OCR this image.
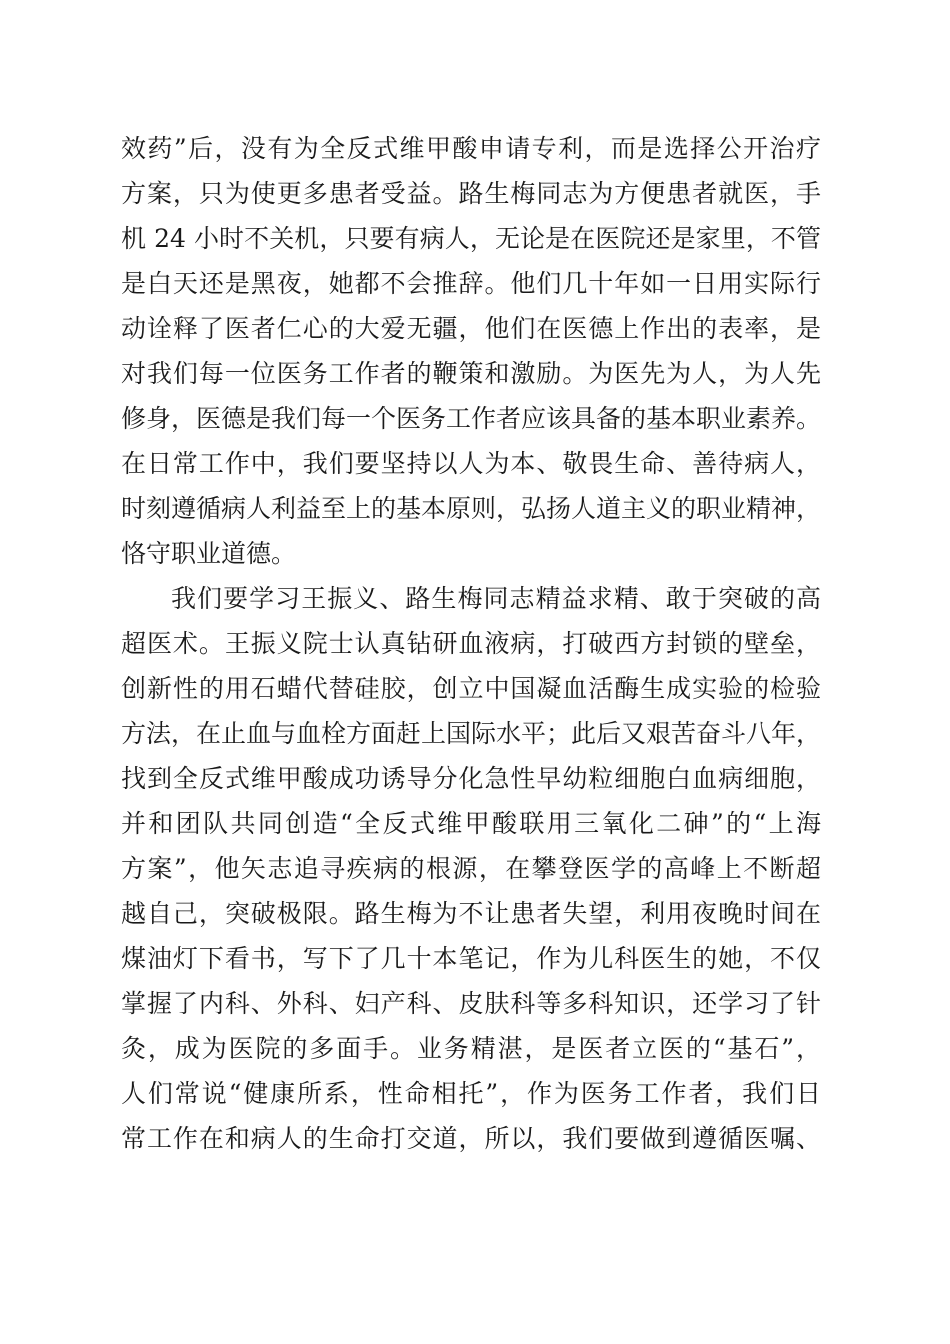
效药”后，没有为全反式维甲酸申请专利，而是选择公开治疗
方案，只为使更多患者受益。路生梅同志为方便患者就医，手
机 24 小时不关机，只要有病人，无论是在医院还是家里，不管
是白天还是黑夜，她都不会推辞。他们几十年如一日用实际行
动诠释了医者仁心的大爱无疆，他们在医德上作出的表率，是
对我们每一位医务工作者的鞭策和激励。为医先为人，为人先
修身，医德是我们每一个医务工作者应该具备的基本职业素养。
在日常工作中，我们要坚持以人为本、敬畏生命、善待病人，
时刻遵循病人利益至上的基本原则，弘扬人道主义的职业精神，
恪守职业道德。
我们要学习王振义、路生梅同志精益求精、敢于突破的高
超医术。王振义院士认真钻研血液病，打破西方封锁的壁垒，
创新性的用石蜡代替硅胶，创立中国凝血活酶生成实验的检验
方法，在止血与血栓方面赶上国际水平；此后又艰苦奋斗八年，
找到全反式维甲酸成功诱导分化急性早幼粒细胞白血病细胞，
并和团队共同创造“全反式维甲酸联用三氧化二砷”的“上海
方案”，他矢志追寻疾病的根源，在攀登医学的高峰上不断超
越自己，突破极限。路生梅为不让患者失望，利用夜晚时间在
煤油灯下看书，写下了几十本笔记，作为儿科医生的她，不仅
掌握了内科、外科、妇产科、皮肤科等多科知识，还学习了针
灸，成为医院的多面手。业务精湛，是医者立医的“基石”，
人们常说“健康所系，性命相托”，作为医务工作者，我们日
常工作在和病人的生命打交道，所以，我们要做到遵循医嘱、
